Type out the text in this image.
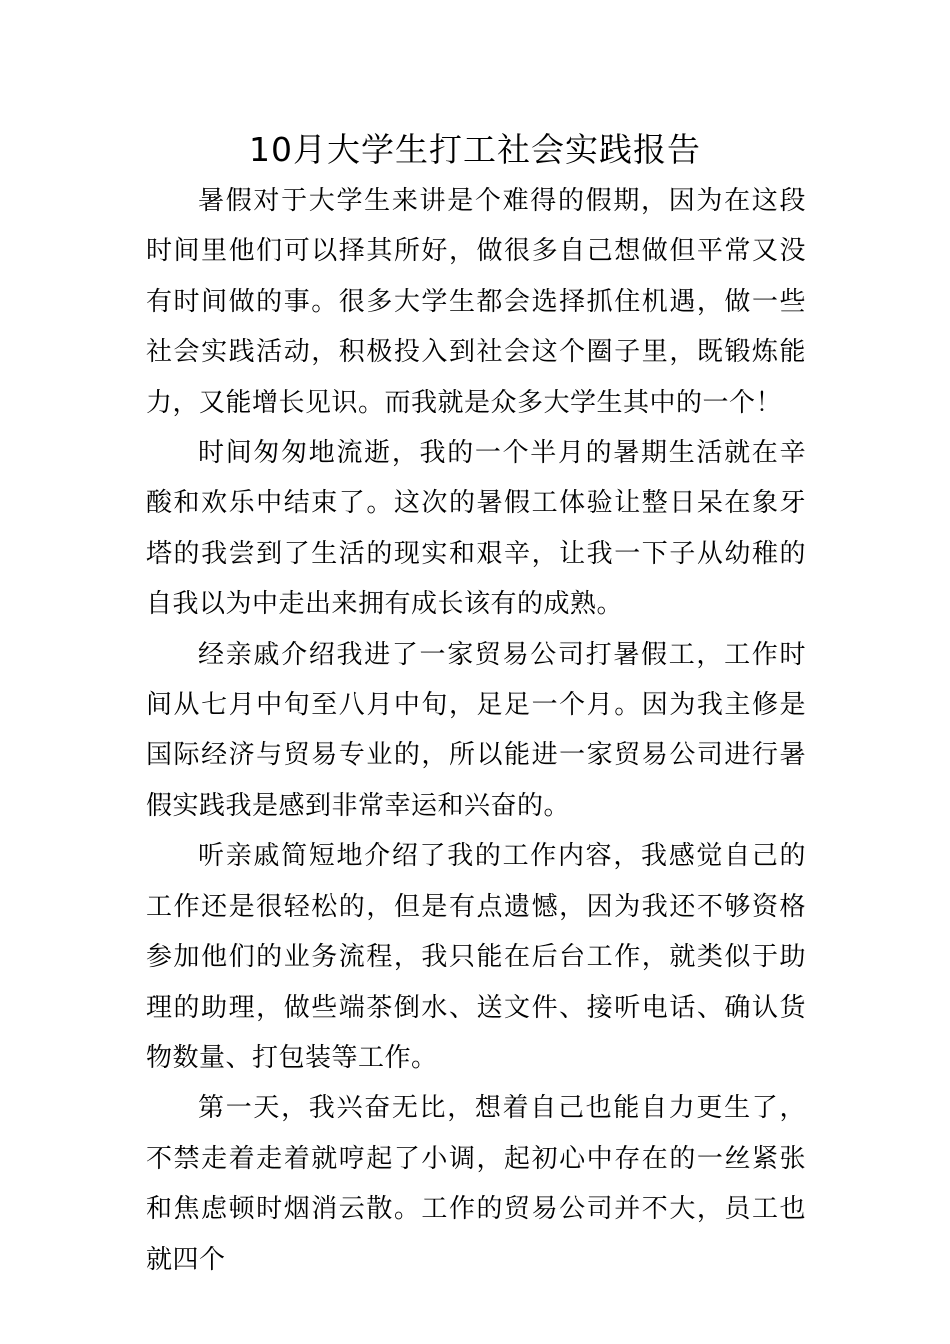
10月大学生打工社会实践报告

暑假对于大学生来讲是个难得的假期，因为在这段时间里他们可以择其所好，做很多自己想做但平常又没有时间做的事。很多大学生都会选择抓住机遇，做一些社会实践活动，积极投入到社会这个圈子里，既锻炼能力，又能增长见识。而我就是众多大学生其中的一个！

时间匆匆地流逝，我的一个半月的暑期生活就在辛酸和欢乐中结束了。这次的暑假工体验让整日呆在象牙塔的我尝到了生活的现实和艰辛，让我一下子从幼稚的自我以为中走出来拥有成长该有的成熟。

经亲戚介绍我进了一家贸易公司打暑假工，工作时间从七月中旬至八月中旬，足足一个月。因为我主修是国际经济与贸易专业的，所以能进一家贸易公司进行暑假实践我是感到非常幸运和兴奋的。

听亲戚简短地介绍了我的工作内容，我感觉自己的工作还是很轻松的，但是有点遗憾，因为我还不够资格参加他们的业务流程，我只能在后台工作，就类似于助理的助理，做些端茶倒水、送文件、接听电话、确认货物数量、打包装等工作。

第一天，我兴奋无比，想着自己也能自力更生了，不禁走着走着就哼起了小调，起初心中存在的一丝紧张和焦虑顿时烟消云散。工作的贸易公司并不大，员工也就四个
